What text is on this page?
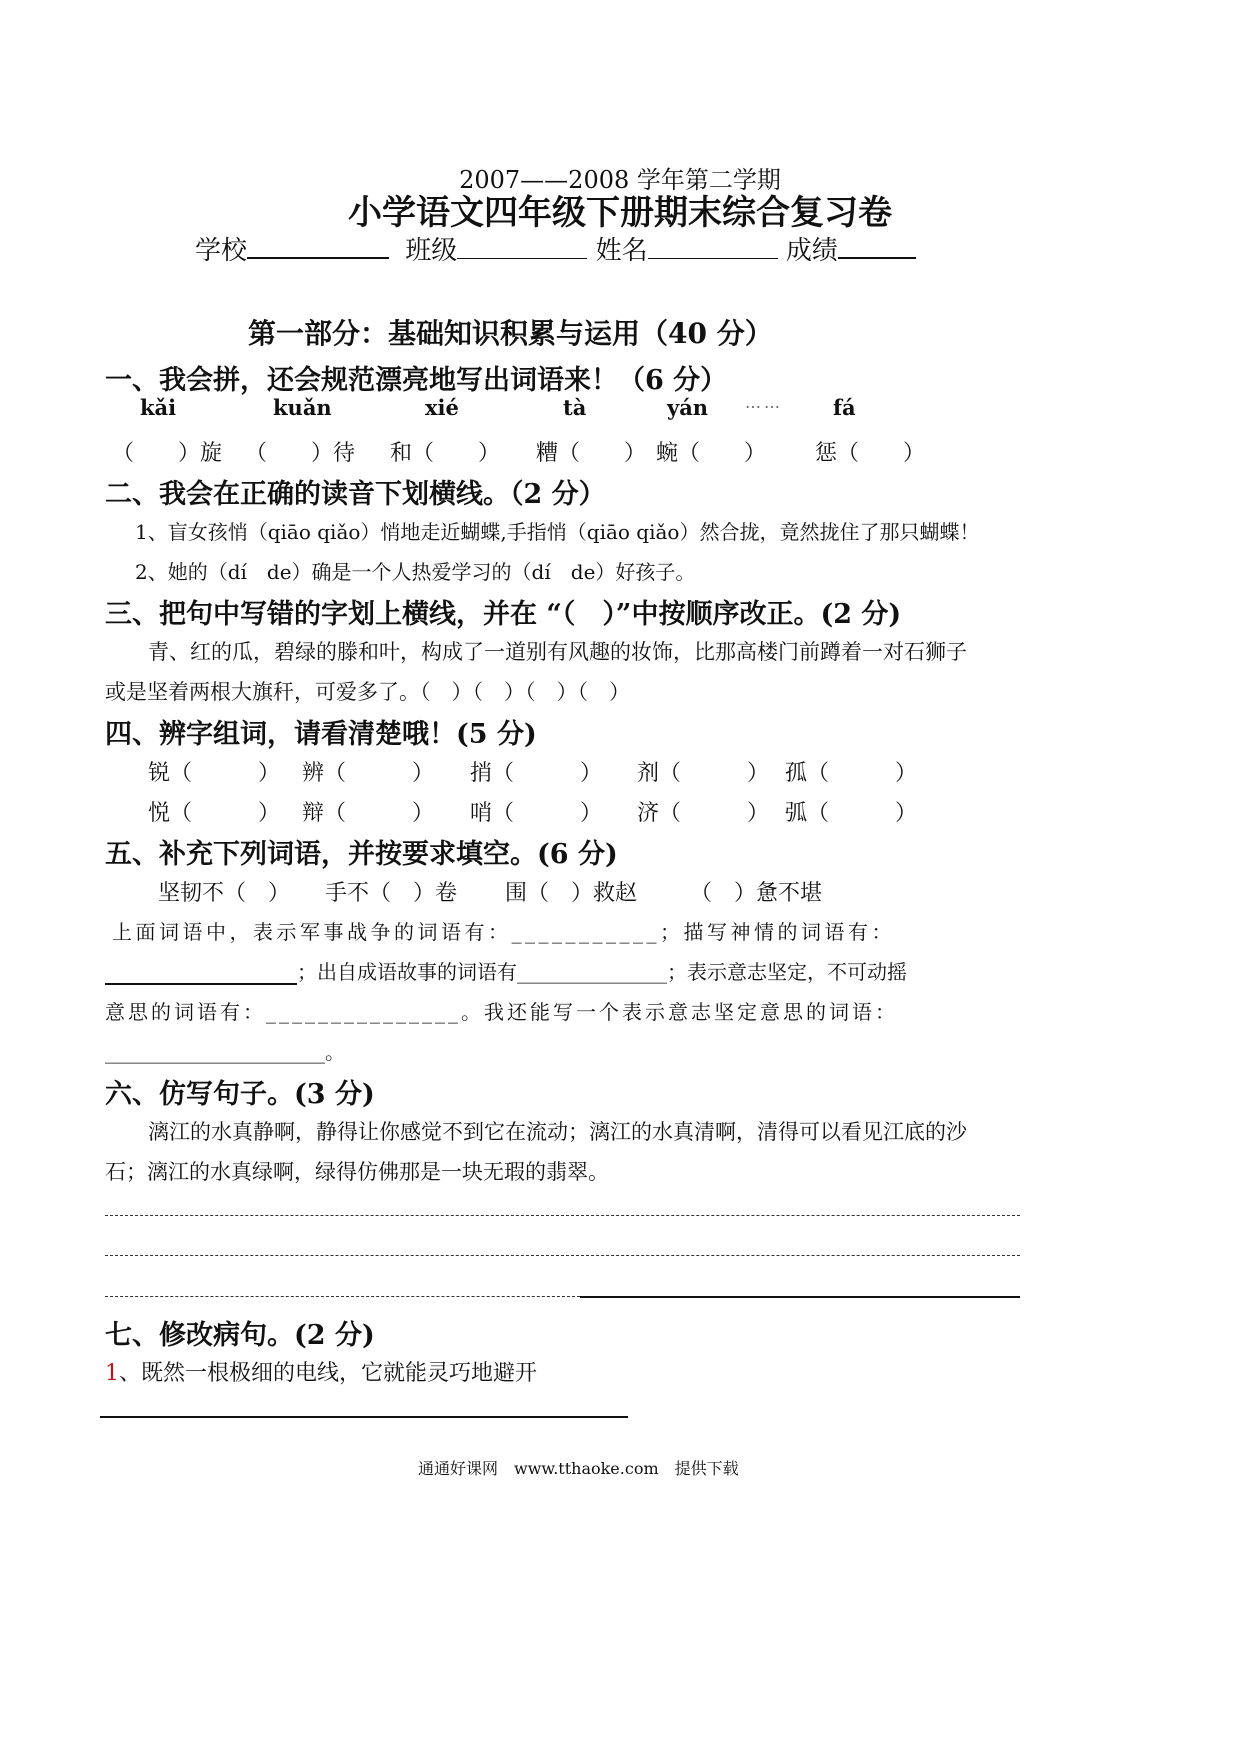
2007——2008 学年第二学期
小学语文四年级下册期末综合复习卷
学校	班级	姓名	成绩
第一部分：基础知识积累与运用（40 分）
一、我会拼，还会规范漂亮地写出词语来！（6 分）
kǎi	kuǎn	xié	tà	yán …… fá
（　　）旋 （　　）待 和（　　） 糟（　　） 蜿（　　） 惩（　　）
二、我会在正确的读音下划横线。（2 分）
1、盲女孩悄（qiāo qiǎo）悄地走近蝴蝶,手指悄（qiāo qiǎo）然合拢，竟然拢住了那只蝴蝶！
2、她的（dí　de）确是一个人热爱学习的（dí　de）好孩子。
三、把句中写错的字划上横线，并在 “（　）”中按顺序改正。(2 分)
青、红的瓜，碧绿的滕和叶，构成了一道别有风趣的妆饰，比那高楼门前蹲着一对石狮子
或是坚着两根大旗秆，可爱多了。（　）（　）（　）（　）
四、辨字组词，请看清楚哦！(5 分)
锐（　　　） 辨（　　　） 捎（　　　） 剂（　　　） 孤（　　　）
悦（　　　） 辩（　　　） 哨（　　　） 济（　　　） 弧（　　　）
五、补充下列词语，并按要求填空。(6 分)
坚韧不（　） 手不（　）卷 围（　）救赵 （　）惫不堪
上面词语中，表示军事战争的词语有：___________；描写神情的词语有：
；出自成语故事的词语有_______________；表示意志坚定，不可动摇
意思的词语有：_______________。我还能写一个表示意志坚定意思的词语：
______________________。
六、仿写句子。(3 分)
漓江的水真静啊，静得让你感觉不到它在流动；漓江的水真清啊，清得可以看见江底的沙
石；漓江的水真绿啊，绿得仿佛那是一块无瑕的翡翠。
七、修改病句。(2 分)
1、既然一根极细的电线，它就能灵巧地避开
通通好课网　www.tthaoke.com　提供下载
